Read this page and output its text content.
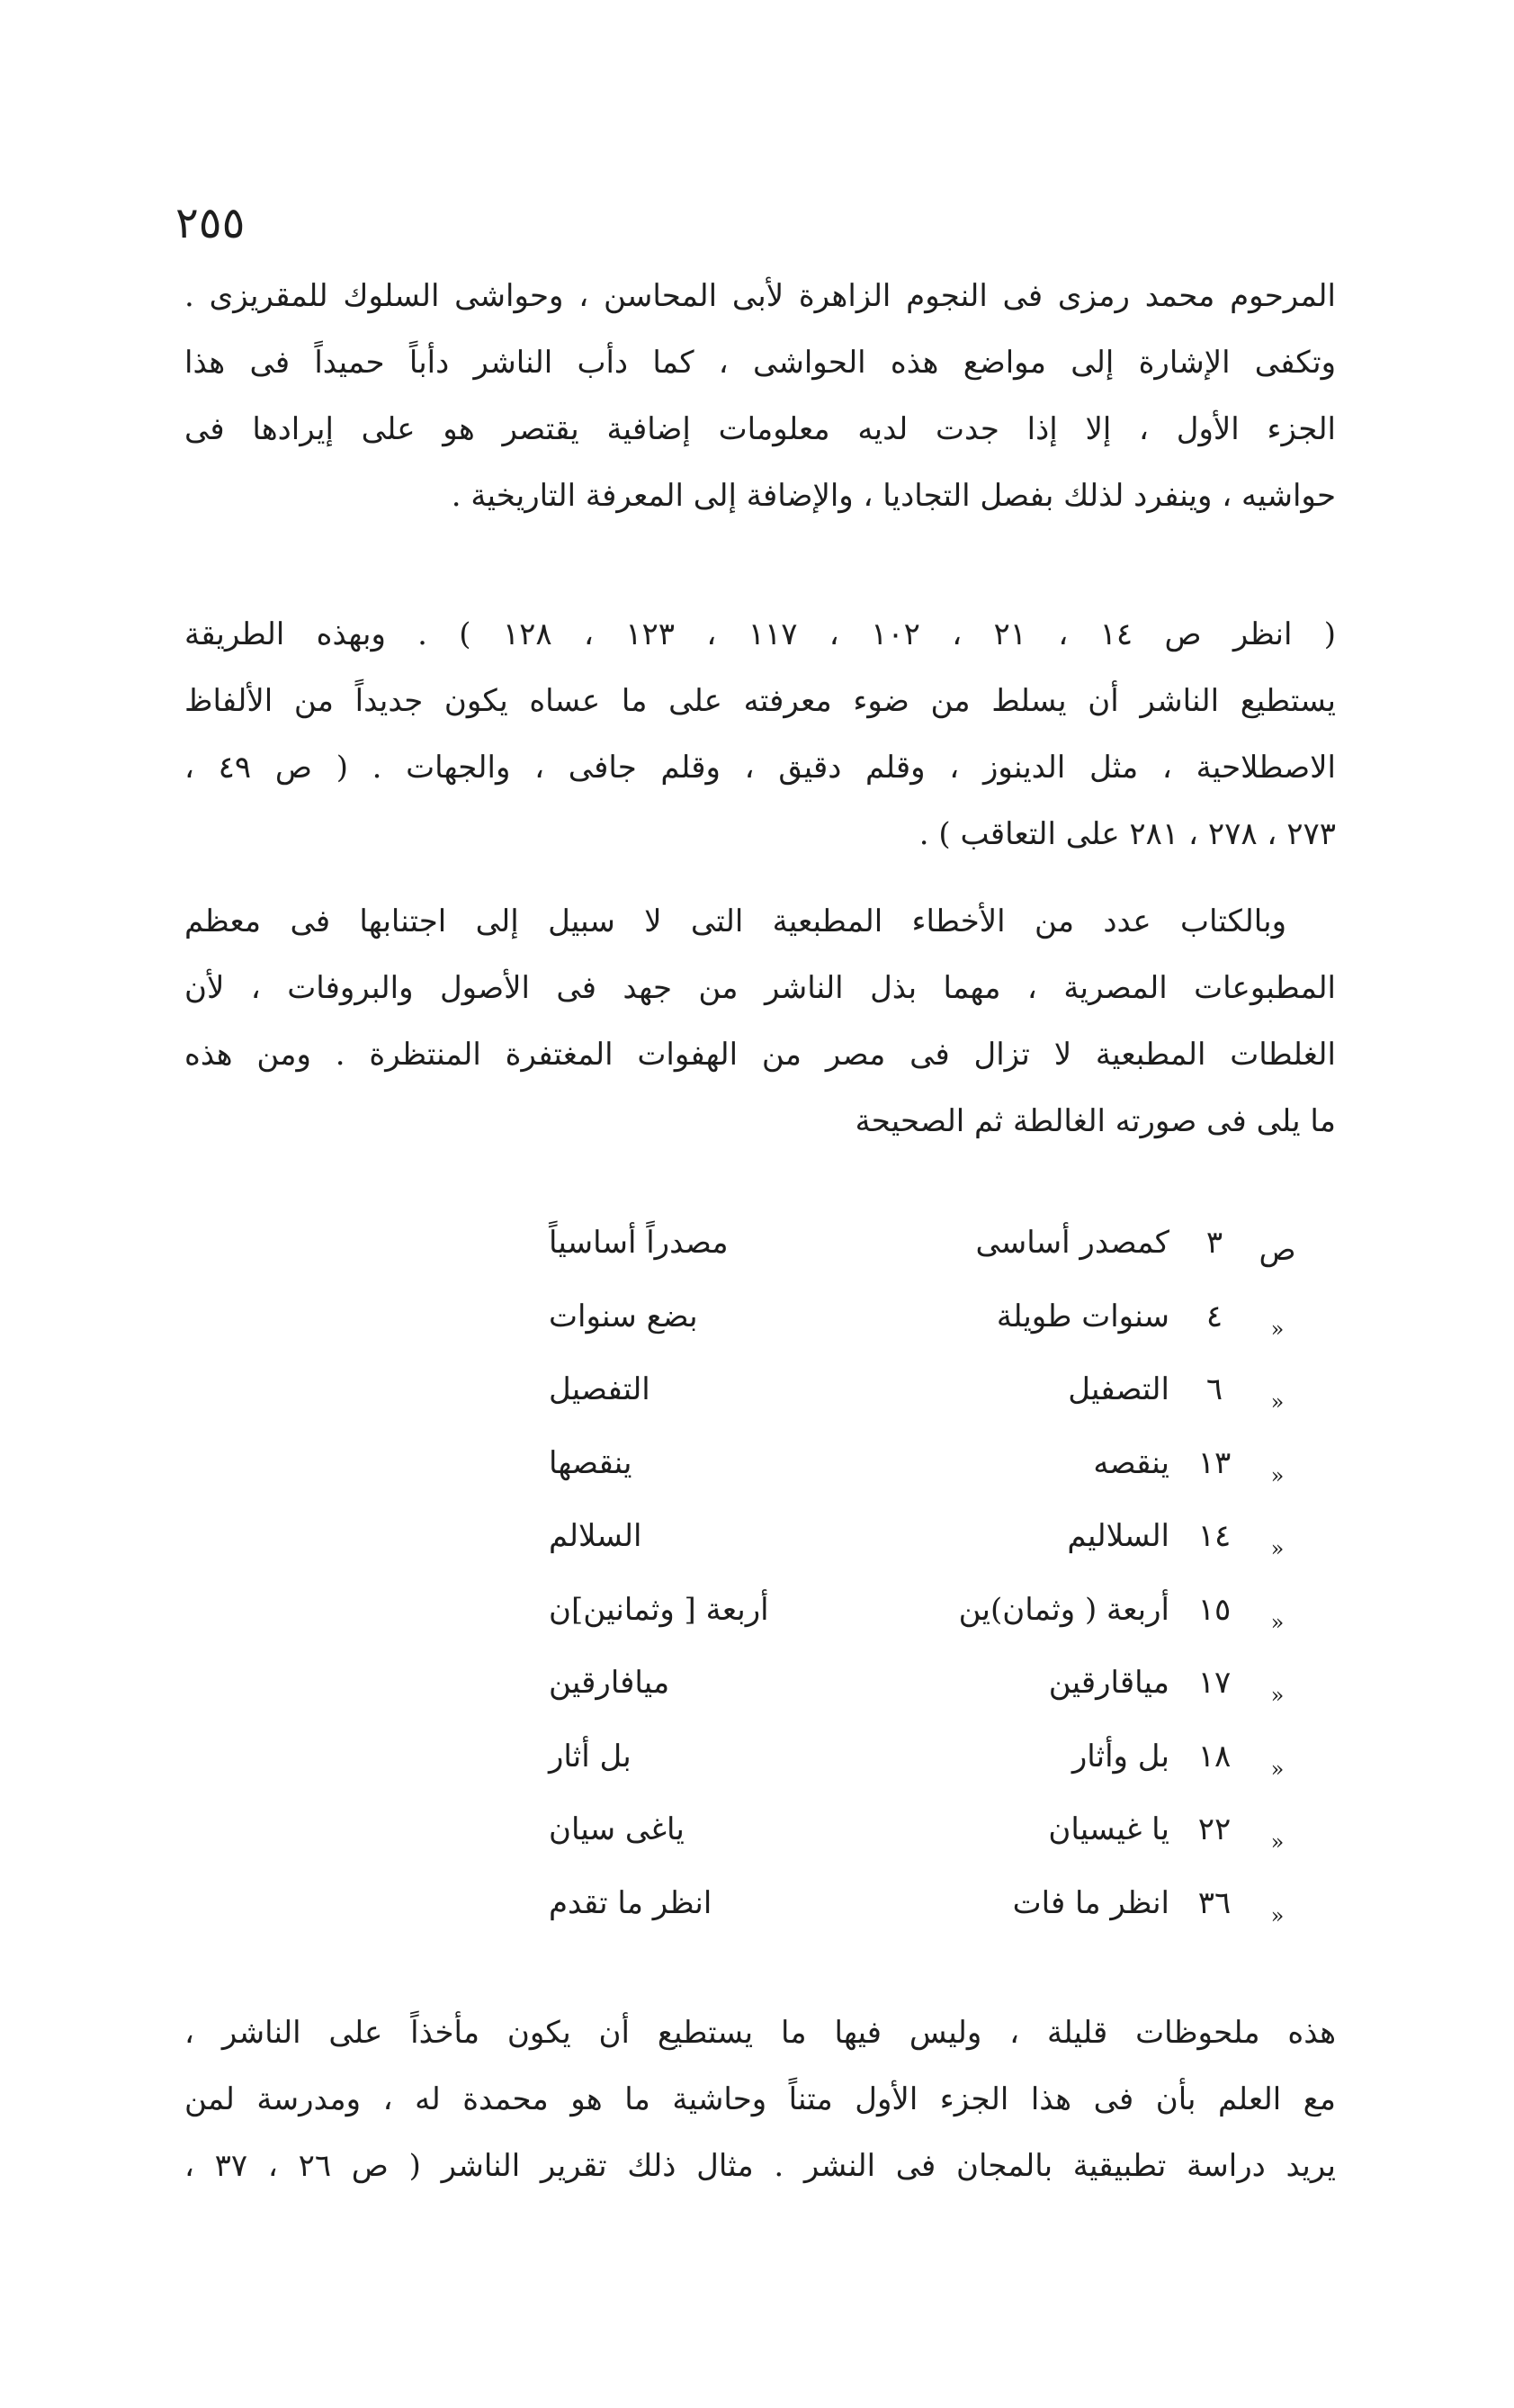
٢٥٥
المرحوم محمد رمزى فى النجوم الزاهرة لأبى المحاسن ، وحواشى السلوك للمقريزى .
وتكفى الإشارة إلى مواضع هذه الحواشى ، كما دأب الناشر دأباً حميداً فى هذا
الجزء الأول ، إلا إذا جدت لديه معلومات إضافية يقتصر هو على إيرادها فى
حواشيه ، وينفرد لذلك بفصل التجاديا ، والإضافة إلى المعرفة التاريخية .
( انظر ص ١٤ ، ٢١ ، ١٠٢ ، ١١٧ ، ١٢٣ ، ١٢٨ ) . وبهذه الطريقة
يستطيع الناشر أن يسلط من ضوء معرفته على ما عساه يكون جديداً من الألفاظ
الاصطلاحية ، مثل الدينوز ، وقلم دقيق ، وقلم جافى ، والجهات . ( ص ٤٩ ،
٢٧٣ ، ٢٧٨ ، ٢٨١ على التعاقب ) .
وبالكتاب عدد من الأخطاء المطبعية التى لا سبيل إلى اجتنابها فى معظم
المطبوعات المصرية ، مهما بذل الناشر من جهد فى الأصول والبروفات ، لأن
الغلطات المطبعية لا تزال فى مصر من الهفوات المغتفرة المنتظرة . ومن هذه
ما يلى فى صورته الغالطة ثم الصحيحة
ص
٣
كمصدر أساسى
مصدراً أساسياً
«
٤
سنوات طويلة
بضع سنوات
«
٦
التصفيل
التفصيل
«
١٣
ينقصه
ينقصها
«
١٤
السلاليم
السلالم
«
١٥
أربعة ( وثمان)ين
أربعة [ وثمانين]ن
«
١٧
مياقارقين
ميافارقين
«
١٨
بل وأثار
بل أثار
«
٢٢
يا غيسيان
ياغى سيان
«
٣٦
انظر ما فات
انظر ما تقدم
هذه ملحوظات قليلة ، وليس فيها ما يستطيع أن يكون مأخذاً على الناشر ،
مع العلم بأن فى هذا الجزء الأول متناً وحاشية ما هو محمدة له ، ومدرسة لمن
يريد دراسة تطبيقية بالمجان فى النشر . مثال ذلك تقرير الناشر ( ص ٢٦ ، ٣٧ ،
